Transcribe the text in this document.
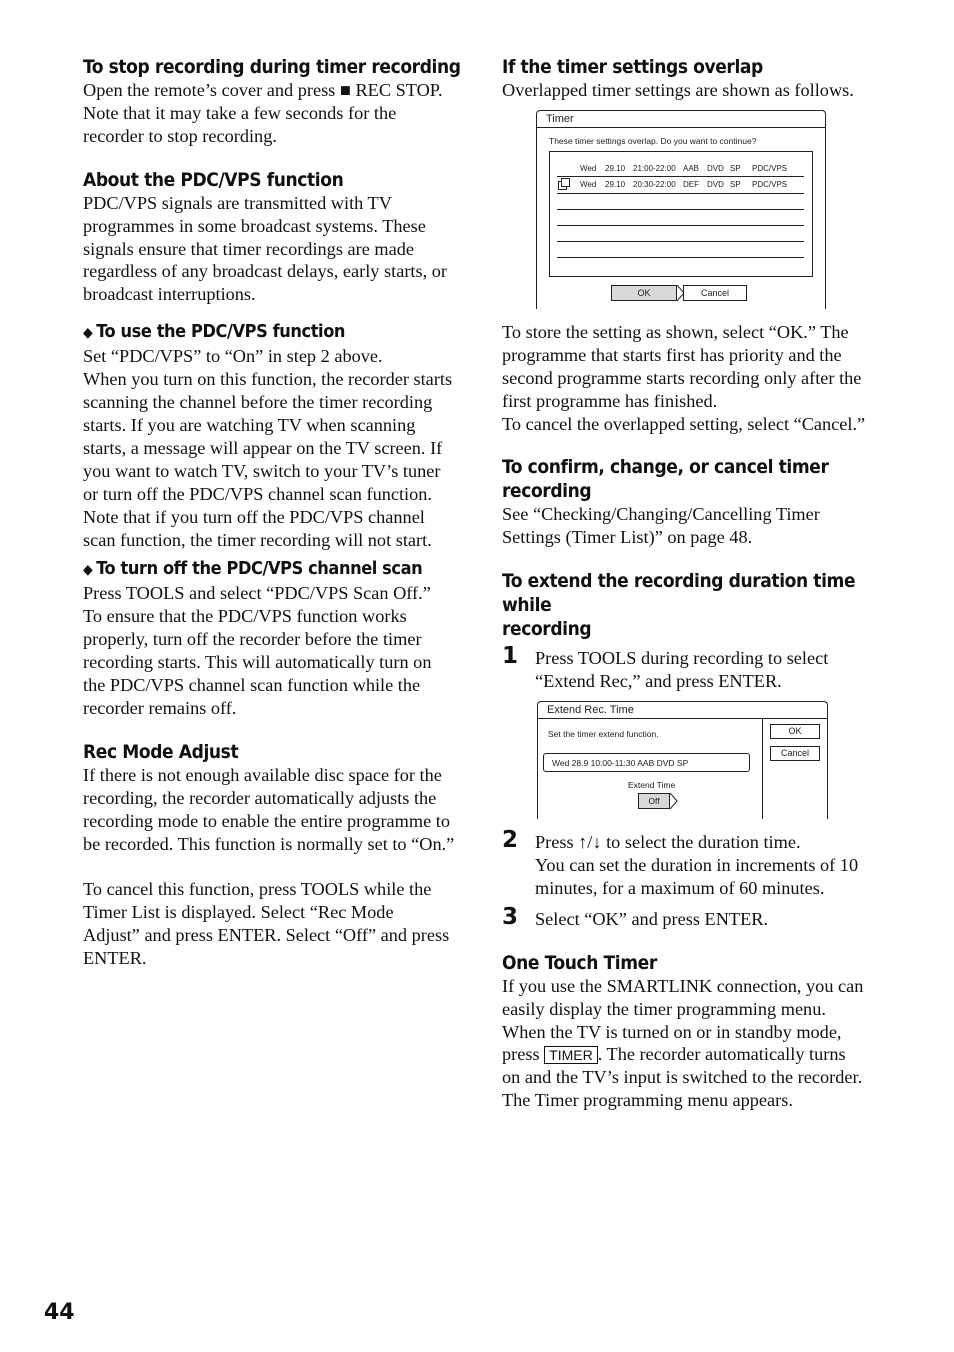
To stop recording during timer recording

Open the remote’s cover and press ■ REC STOP.

Note that it may take a few seconds for the

recorder to stop recording.

About the PDC/VPS function

PDC/VPS signals are transmitted with TV

programmes in some broadcast systems. These

signals ensure that timer recordings are made

regardless of any broadcast delays, early starts, or

broadcast interruptions.

◆ To use the PDC/VPS function

Set “PDC/VPS” to “On” in step 2 above.

When you turn on this function, the recorder starts

scanning the channel before the timer recording

starts. If you are watching TV when scanning

starts, a message will appear on the TV screen. If

you want to watch TV, switch to your TV’s tuner

or turn off the PDC/VPS channel scan function.

Note that if you turn off the PDC/VPS channel

scan function, the timer recording will not start.

◆ To turn off the PDC/VPS channel scan

Press TOOLS and select “PDC/VPS Scan Off.”

To ensure that the PDC/VPS function works

properly, turn off the recorder before the timer

recording starts. This will automatically turn on

the PDC/VPS channel scan function while the

recorder remains off.

Rec Mode Adjust

If there is not enough available disc space for the

recording, the recorder automatically adjusts the

recording mode to enable the entire programme to

be recorded. This function is normally set to “On.”

To cancel this function, press TOOLS while the

Timer List is displayed. Select “Rec Mode

Adjust” and press ENTER. Select “Off” and press

ENTER.

If the timer settings overlap

Overlapped timer settings are shown as follows.

Timer
These timer settings overlap. Do you want to continue?
Wed 29.10 21:00-22:00 AAB DVD SP PDC/VPS
Wed 29.10 20:30-22:00 DEF DVD SP PDC/VPS
OK	Cancel

To store the setting as shown, select “OK.” The

programme that starts first has priority and the

second programme starts recording only after the

first programme has finished.

To cancel the overlapped setting, select “Cancel.”

To confirm, change, or cancel timer recording

See “Checking/Changing/Cancelling Timer

Settings (Timer List)” on page 48.

To extend the recording duration time while
recording
1 Press TOOLS during recording to select

“Extend Rec,” and press ENTER.

Extend Rec. Time
Set the timer extend function.
Wed 28.9 10:00-11:30 AAB DVD SP
Extend Time
Off
OK
Cancel
2 Press ↑/↓ to select the duration time.

You can set the duration in increments of 10

minutes, for a maximum of 60 minutes.

3 Select “OK” and press ENTER.

One Touch Timer

If you use the SMARTLINK connection, you can

easily display the timer programming menu.

When the TV is turned on or in standby mode,

press TIMER . The recorder automatically turns

on and the TV’s input is switched to the recorder.

The Timer programming menu appears.

44
